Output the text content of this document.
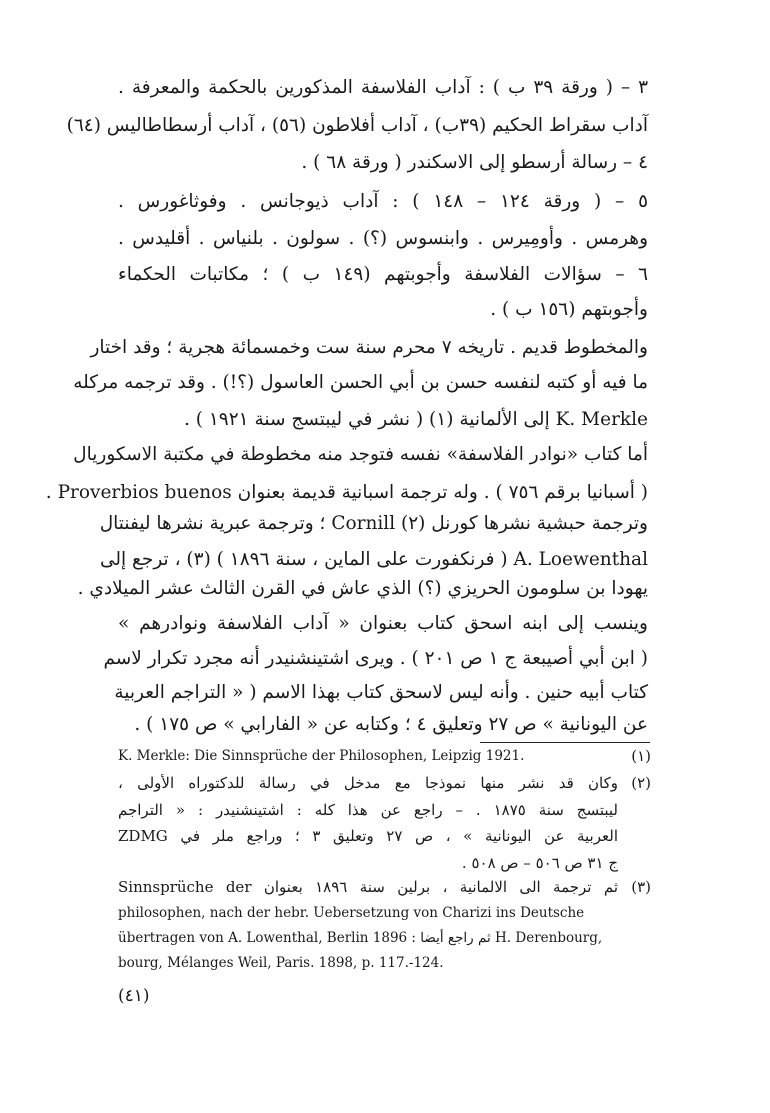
٣ – ( ورقة ٣٩ ب ) : آداب الفلاسفة المذكورين بالحكمة والمعرفة .
آداب سقراط الحكيم (٣٩ب) ، آداب أفلاطون (٥٦) ، آداب أرسطاطاليس (٦٤)
٤ – رسالة أرسطو إلى الاسكندر ( ورقة ٦٨ ) .
٥ – ( ورقة ١٢٤ – ١٤٨ ) : آداب ذيوجانس . وفوثاغورس .
وهرمس . وأومِيرس . وابنسوس (؟) . سولون . بلنياس . أقليدس .
٦ – سؤالات الفلاسفة وأجوبتهم (١٤٩ ب ) ؛ مكاتبات الحكماء
وأجوبتهم (١٥٦ ب ) .
والمخطوط قديم . تاريخه ٧ محرم سنة ست وخمسمائة هجرية ؛ وقد اختار
ما فيه أو كتبه لنفسه حسن بن أبي الحسن العاسول (؟!) . وقد ترجمه مركله
K. Merkle إلى الألمانية (١) ( نشر في ليبتسج سنة ١٩٢١ ) .
أما كتاب «نوادر الفلاسفة» نفسه فتوجد منه مخطوطة في مكتبة الاسكوريال
( أسبانيا برقم ٧٥٦ ) . وله ترجمة اسبانية قديمة بعنوان Proverbios buenos .
وترجمة حبشية نشرها كورنل (٢) Cornill ؛ وترجمة عبرية نشرها ليفنتال
A. Loewenthal ( فرنكفورت على الماين ، سنة ١٨٩٦ ) (٣) ، ترجع إلى
يهودا بن سلومون الحريزي (؟) الذي عاش في القرن الثالث عشر الميلادي .
وينسب إلى ابنه اسحق كتاب بعنوان « آداب الفلاسفة ونوادرهم »
( ابن أبي أصيبعة ج ١ ص ٢٠١ ) . ويرى اشتينشنيدر أنه مجرد تكرار لاسم
كتاب أبيه حنين . وأنه ليس لاسحق كتاب بهذا الاسم ( « التراجم العربية
عن اليونانية » ص ٢٧ وتعليق ٤ ؛ وكتابه عن « الفارابي » ص ١٧٥ ) .
(١)
K. Merkle: Die Sinnsprüche der Philosophen, Leipzig 1921.
(٢)
وكان قد نشر منها نموذجا مع مدخل في رسالة للدكتوراه الأولى ،
ليبتسج سنة ١٨٧٥ . – راجع عن هذا كله : اشتينشنيدر : « التراجم
العربية عن اليونانية » ، ص ٢٧ وتعليق ٣ ؛ وراجع ملر في ZDMG
ج ٣١ ص ٥٠٦ – ص ٥٠٨ .
(٣)
ثم ترجمة الى الالمانية ، برلين سنة ١٨٩٦ بعنوان Sinnsprüche der
philosophen, nach der hebr. Uebersetzung von Charizi ins Deutsche
übertragen von A. Lowenthal, Berlin 1896 : ثم راجع أيضا H. Derenbourg,
bourg, Mélanges Weil, Paris. 1898, p. 117.-124.
(٤١)
